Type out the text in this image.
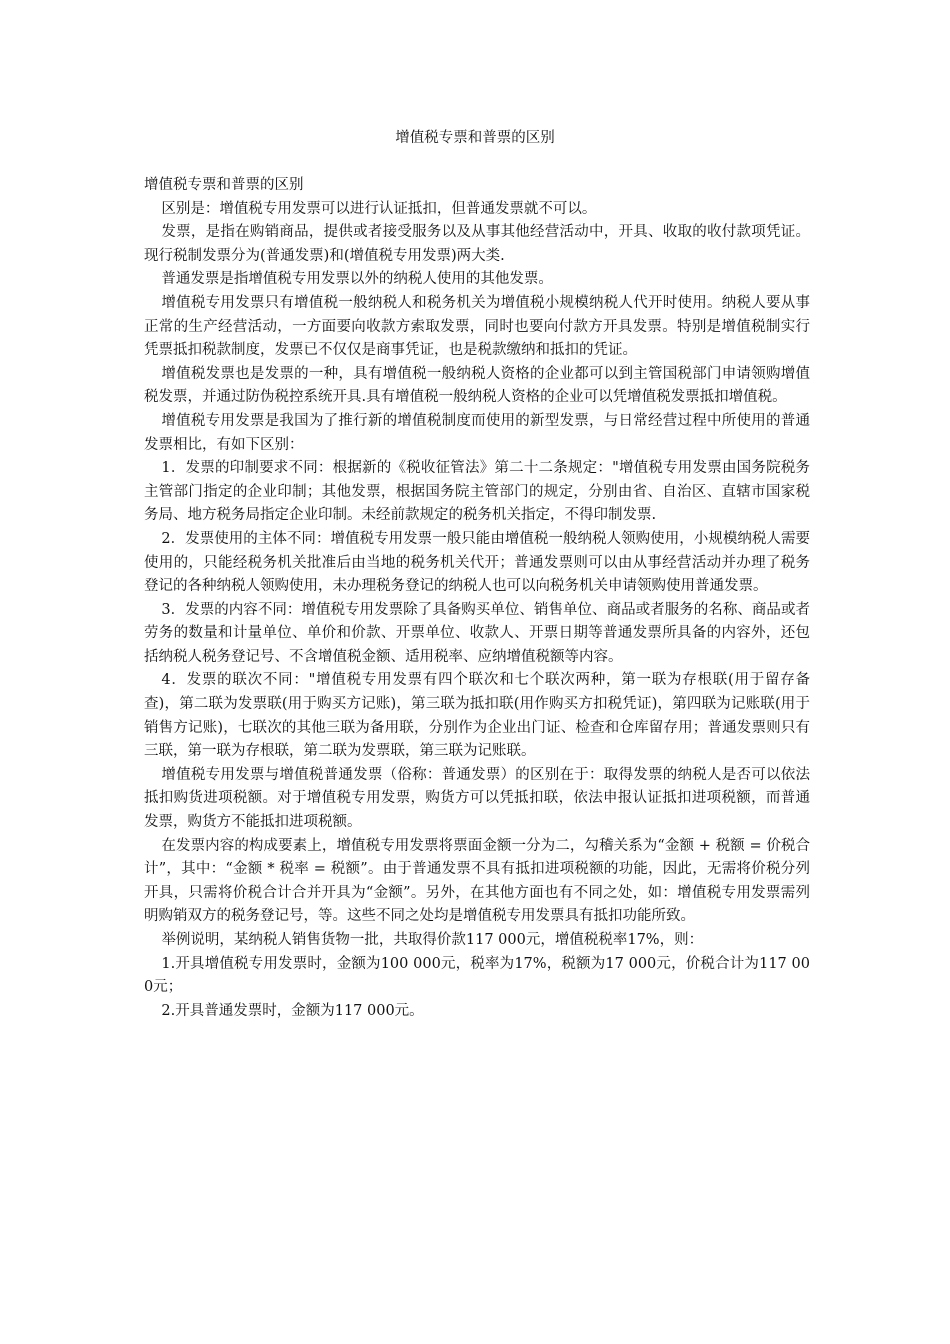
增值税专票和普票的区别

增值税专票和普票的区别

区别是：增值税专用发票可以进行认证抵扣，但普通发票就不可以。

发票，是指在购销商品，提供或者接受服务以及从事其他经营活动中，开具、收取的收付款项凭证。现行税制发票分为(普通发票)和(增值税专用发票)两大类.

普通发票是指增值税专用发票以外的纳税人使用的其他发票。

增值税专用发票只有增值税一般纳税人和税务机关为增值税小规模纳税人代开时使用。纳税人要从事正常的生产经营活动，一方面要向收款方索取发票，同时也要向付款方开具发票。特别是增值税制实行凭票抵扣税款制度，发票已不仅仅是商事凭证，也是税款缴纳和抵扣的凭证。

增值税发票也是发票的一种，具有增值税一般纳税人资格的企业都可以到主管国税部门申请领购增值税发票，并通过防伪税控系统开具.具有增值税一般纳税人资格的企业可以凭增值税发票抵扣增值税。

增值税专用发票是我国为了推行新的增值税制度而使用的新型发票，与日常经营过程中所使用的普通发票相比，有如下区别：

1．发票的印制要求不同：根据新的《税收征管法》第二十二条规定："增值税专用发票由国务院税务主管部门指定的企业印制；其他发票，根据国务院主管部门的规定，分别由省、自治区、直辖市国家税务局、地方税务局指定企业印制。未经前款规定的税务机关指定，不得印制发票.

2．发票使用的主体不同：增值税专用发票一般只能由增值税一般纳税人领购使用，小规模纳税人需要使用的，只能经税务机关批准后由当地的税务机关代开；普通发票则可以由从事经营活动并办理了税务登记的各种纳税人领购使用，未办理税务登记的纳税人也可以向税务机关申请领购使用普通发票。

3．发票的内容不同：增值税专用发票除了具备购买单位、销售单位、商品或者服务的名称、商品或者劳务的数量和计量单位、单价和价款、开票单位、收款人、开票日期等普通发票所具备的内容外，还包括纳税人税务登记号、不含增值税金额、适用税率、应纳增值税额等内容。

4．发票的联次不同："增值税专用发票有四个联次和七个联次两种，第一联为存根联(用于留存备查)，第二联为发票联(用于购买方记账)，第三联为抵扣联(用作购买方扣税凭证)，第四联为记账联(用于销售方记账)，七联次的其他三联为备用联，分别作为企业出门证、检查和仓库留存用；普通发票则只有三联，第一联为存根联，第二联为发票联，第三联为记账联。

增值税专用发票与增值税普通发票（俗称：普通发票）的区别在于：取得发票的纳税人是否可以依法抵扣购货进项税额。对于增值税专用发票，购货方可以凭抵扣联，依法申报认证抵扣进项税额，而普通发票，购货方不能抵扣进项税额。

在发票内容的构成要素上，增值税专用发票将票面金额一分为二，勾稽关系为“金额 + 税额 = 价税合计”，其中：“金额 * 税率 = 税额”。由于普通发票不具有抵扣进项税额的功能，因此，无需将价税分列开具，只需将价税合计合并开具为“金额”。另外，在其他方面也有不同之处，如：增值税专用发票需列明购销双方的税务登记号，等。这些不同之处均是增值税专用发票具有抵扣功能所致。

举例说明，某纳税人销售货物一批，共取得价款117 000元，增值税税率17%，则：

1.开具增值税专用发票时，金额为100 000元，税率为17%，税额为17 000元，价税合计为117 000元；

2.开具普通发票时，金额为117 000元。
